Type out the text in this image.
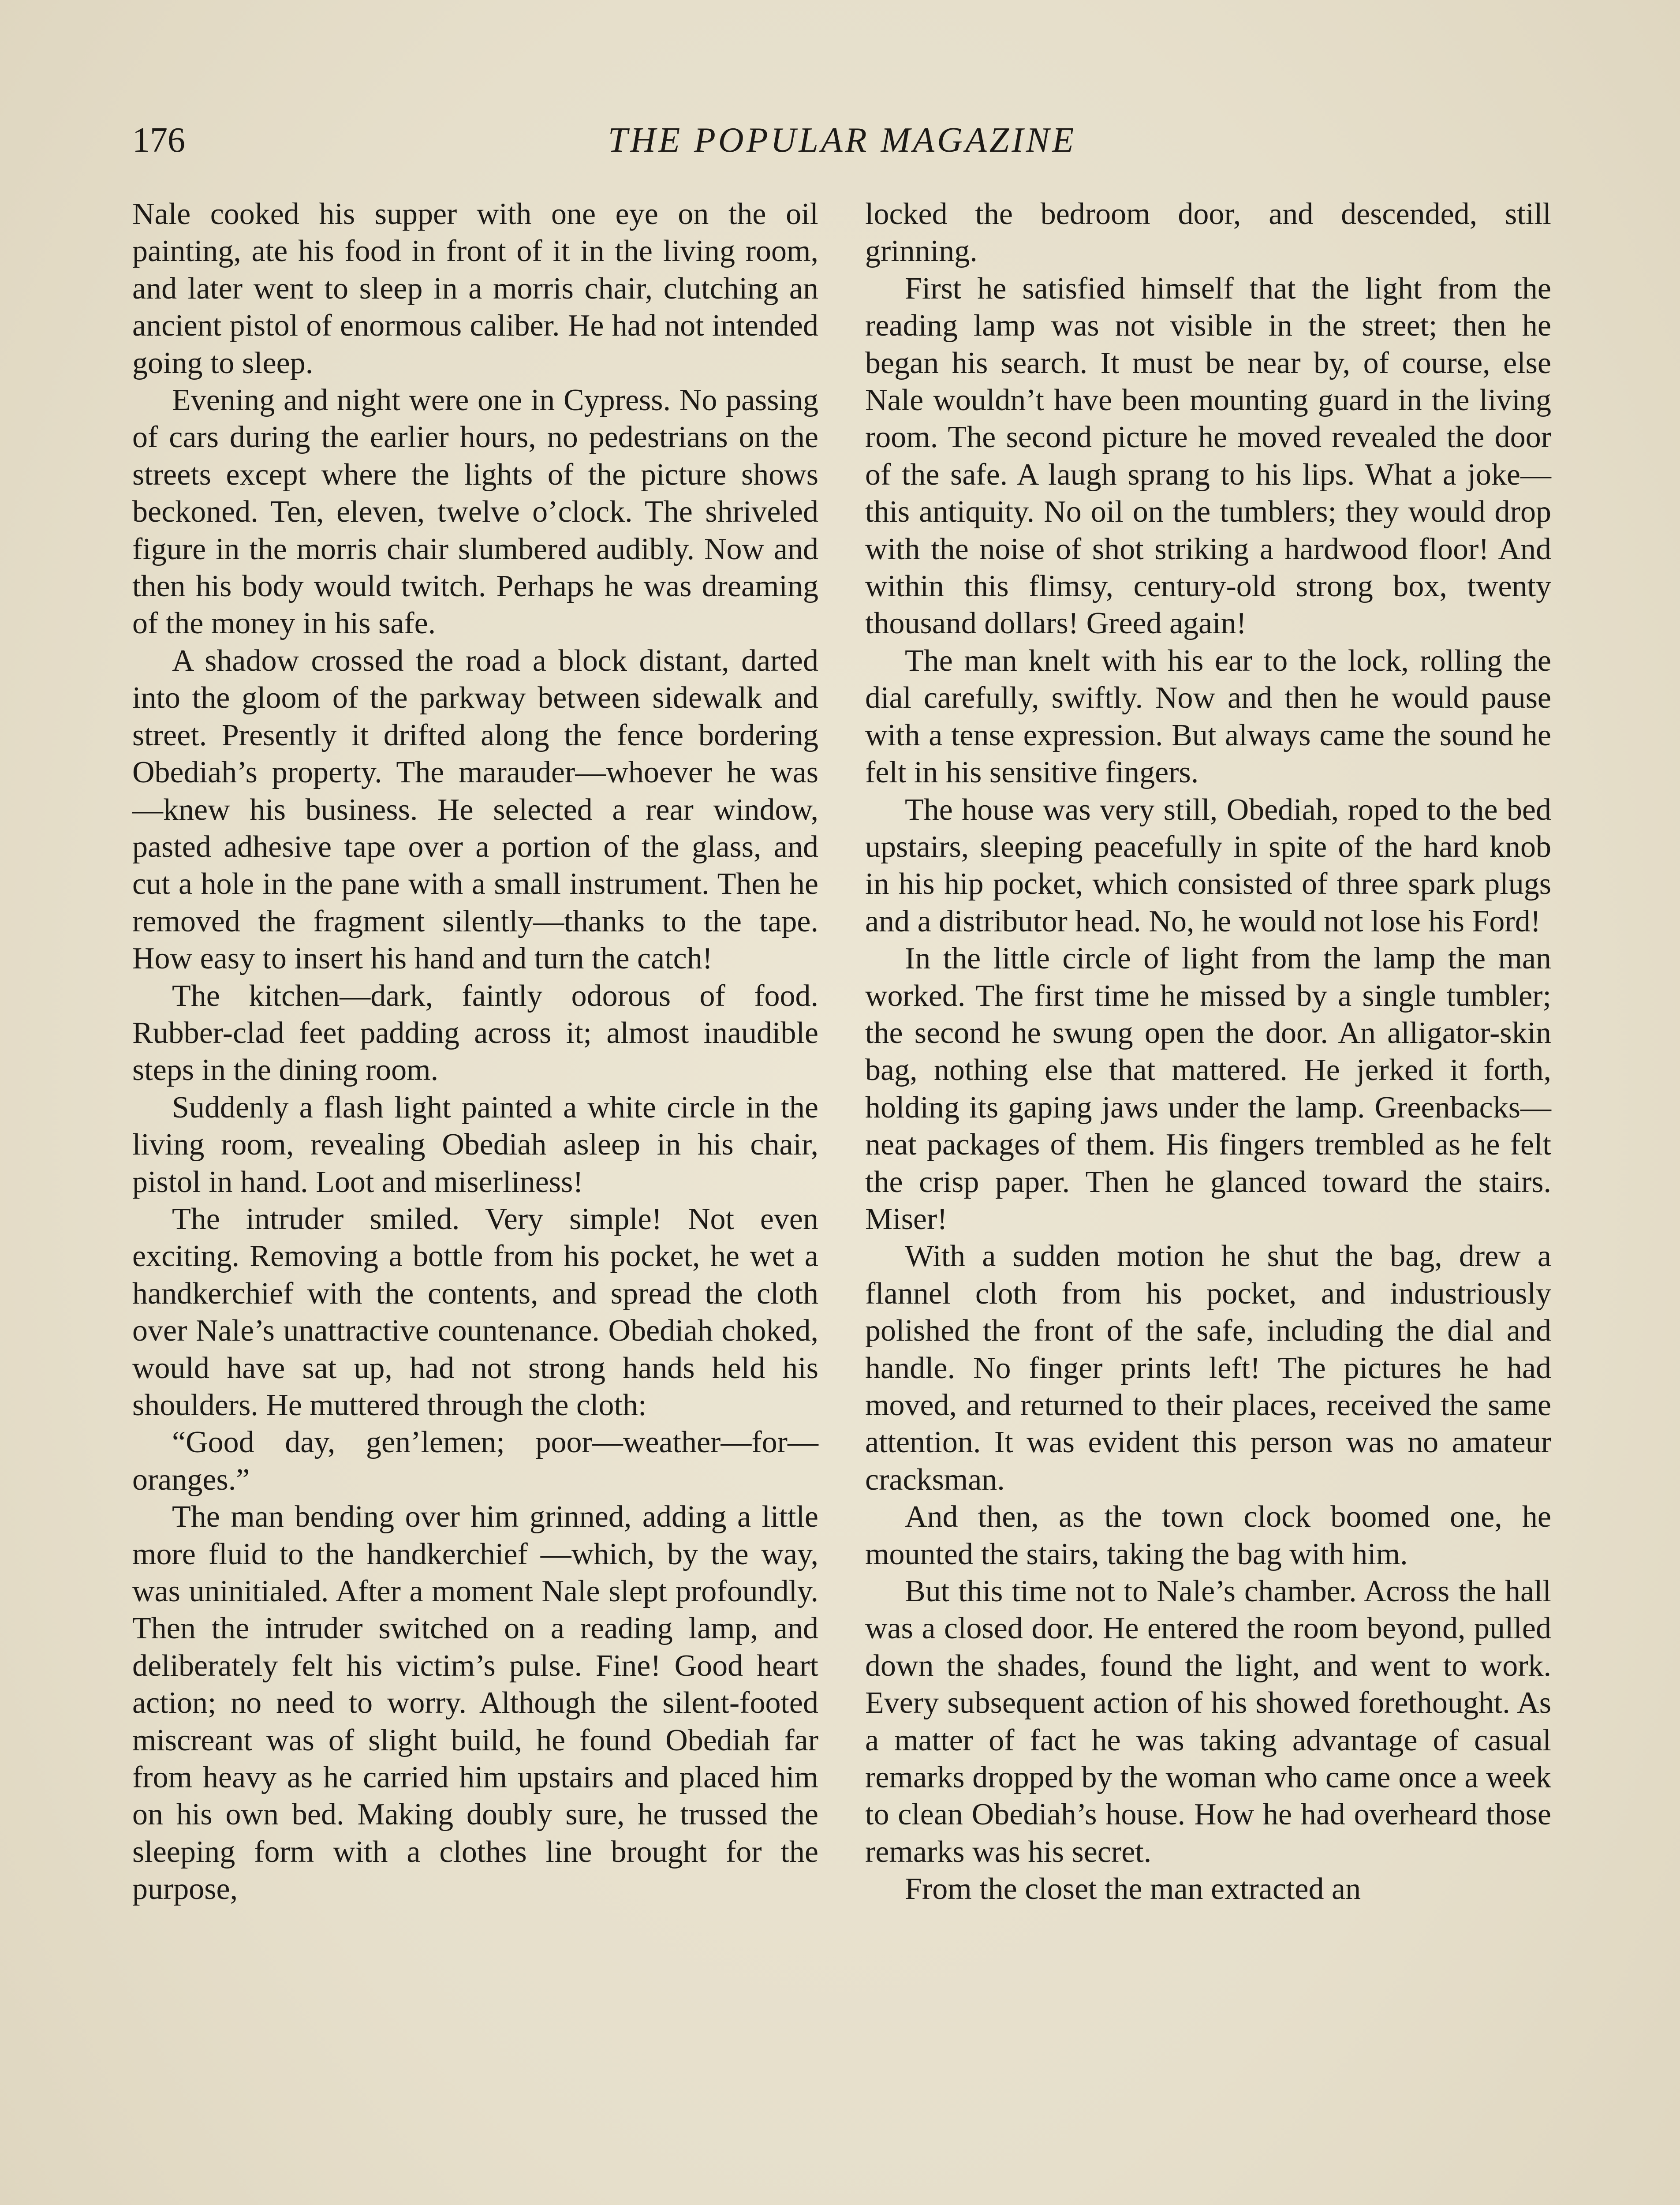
176	THE POPULAR MAGAZINE

Nale cooked his supper with one eye on the oil painting, ate his food in front of it in the living room, and later went to sleep in a morris chair, clutching an ancient pistol of enormous caliber. He had not intended going to sleep.

Evening and night were one in Cypress. No passing of cars during the earlier hours, no pedestrians on the streets except where the lights of the picture shows beckoned. Ten, eleven, twelve o’clock. The shriveled figure in the morris chair slumbered audibly. Now and then his body would twitch. Perhaps he was dreaming of the money in his safe.

A shadow crossed the road a block distant, darted into the gloom of the parkway between sidewalk and street. Presently it drifted along the fence bordering Obediah’s property. The marauder—whoever he was —knew his business. He selected a rear window, pasted adhesive tape over a portion of the glass, and cut a hole in the pane with a small instrument. Then he removed the fragment silently—thanks to the tape. How easy to insert his hand and turn the catch!

The kitchen—dark, faintly odorous of food. Rubber-clad feet padding across it; almost inaudible steps in the dining room.

Suddenly a flash light painted a white circle in the living room, revealing Obediah asleep in his chair, pistol in hand. Loot and miserliness!

The intruder smiled. Very simple! Not even exciting. Removing a bottle from his pocket, he wet a handkerchief with the contents, and spread the cloth over Nale’s unattractive countenance. Obediah choked, would have sat up, had not strong hands held his shoulders. He muttered through the cloth:

“Good day, gen’lemen; poor—weather—for—oranges.”

The man bending over him grinned, adding a little more fluid to the handkerchief —which, by the way, was uninitialed. After a moment Nale slept profoundly. Then the intruder switched on a reading lamp, and deliberately felt his victim’s pulse. Fine! Good heart action; no need to worry. Although the silent-footed miscreant was of slight build, he found Obediah far from heavy as he carried him upstairs and placed him on his own bed. Making doubly sure, he trussed the sleeping form with a clothes line brought for the purpose,

locked the bedroom door, and descended, still grinning.

First he satisfied himself that the light from the reading lamp was not visible in the street; then he began his search. It must be near by, of course, else Nale wouldn’t have been mounting guard in the living room. The second picture he moved revealed the door of the safe. A laugh sprang to his lips. What a joke—this antiquity. No oil on the tumblers; they would drop with the noise of shot striking a hardwood floor! And within this flimsy, century-old strong box, twenty thousand dollars! Greed again!

The man knelt with his ear to the lock, rolling the dial carefully, swiftly. Now and then he would pause with a tense expression. But always came the sound he felt in his sensitive fingers.

The house was very still, Obediah, roped to the bed upstairs, sleeping peacefully in spite of the hard knob in his hip pocket, which consisted of three spark plugs and a distributor head. No, he would not lose his Ford!

In the little circle of light from the lamp the man worked. The first time he missed by a single tumbler; the second he swung open the door. An alligator-skin bag, nothing else that mattered. He jerked it forth, holding its gaping jaws under the lamp. Greenbacks—neat packages of them. His fingers trembled as he felt the crisp paper. Then he glanced toward the stairs. Miser!

With a sudden motion he shut the bag, drew a flannel cloth from his pocket, and industriously polished the front of the safe, including the dial and handle. No finger prints left! The pictures he had moved, and returned to their places, received the same attention. It was evident this person was no amateur cracksman.

And then, as the town clock boomed one, he mounted the stairs, taking the bag with him.

But this time not to Nale’s chamber. Across the hall was a closed door. He entered the room beyond, pulled down the shades, found the light, and went to work. Every subsequent action of his showed forethought. As a matter of fact he was taking advantage of casual remarks dropped by the woman who came once a week to clean Obediah’s house. How he had overheard those remarks was his secret.

From the closet the man extracted an
